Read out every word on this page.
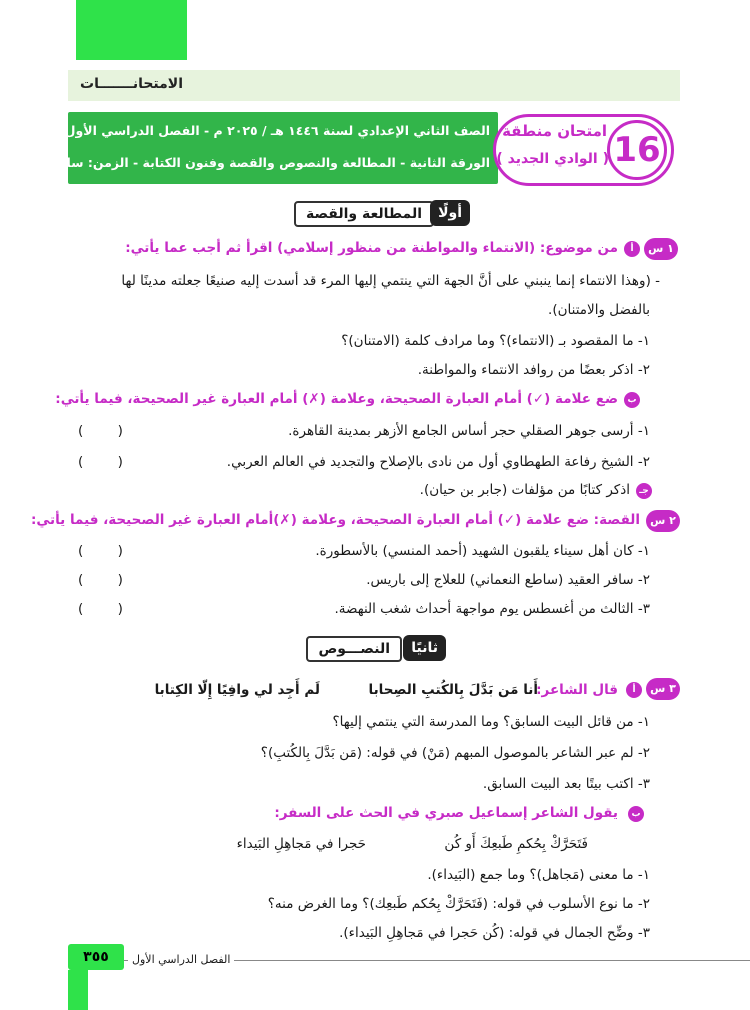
الامتحانـــــــات
الصف الثاني الإعدادي لسنة ١٤٤٦ هـ / ٢٠٢٥ م - الفصل الدراسي الأول
الورقة الثانية - المطالعة والنصوص والقصة وفنون الكتابة - الزمن: ساعتان	16
امتحان منطقة
( الوادي الجديد )
المطالعة والقصة	أولًا
١ س
أ
من موضوع: (الانتماء والمواطنة من منظور إسلامي) اقرأ ثم أجب عما يأتي:
- (وهذا الانتماء إنما ينبني على أنَّ الجهة التي ينتمي إليها المرء قد أسدت إليه صنيعًا جعلته مدينًا لها
بالفضل والامتنان).
١- ما المقصود بـ (الانتماء)؟ وما مرادف كلمة (الامتنان)؟
٢- اذكر بعضًا من روافد الانتماء والمواطنة.
ب
ضع علامة (✓) أمام العبارة الصحيحة، وعلامة (✗) أمام العبارة غير الصحيحة، فيما يأتي:
١- أرسى جوهر الصقلي حجر أساس الجامع الأزهر بمدينة القاهرة.
(        )
٢- الشيخ رفاعة الطهطاوي أول من نادى بالإصلاح والتجديد في العالم العربي.
(        )
جـ
اذكر كتابًا من مؤلفات (جابر بن حيان).
٢ س
القصة: ضع علامة (✓) أمام العبارة الصحيحة، وعلامة (✗)أمام العبارة غير الصحيحة، فيما يأتي:
١- كان أهل سيناء يلقبون الشهيد (أحمد المنسي) بالأسطورة.
(        )
٢- سافر العقيد (ساطع النعماني) للعلاج إلى باريس.
(        )
٣- الثالث من أغسطس يوم مواجهة أحداث شغب النهضة.
(        )
النصـــوص	ثانيًا
٣ س
أ
قال الشاعر:
أَنا مَن بَدَّلَ بِالكُتبِ الصِحابا
لَم أَجِد لي وافِيًا إِلّا الكِتابا
١- من قائل البيت السابق؟ وما المدرسة التي ينتمي إليها؟
٢- لم عبر الشاعر بالموصول المبهم (مَنْ) في قوله: (مَن بَدَّلَ بِالكُتبِ)؟
٣- اكتب بيتًا بعد البيت السابق.
ب
يقول الشاعر إسماعيل صبري في الحث على السفر:
فَتَحَرَّكْ بِحُكمِ طَبعِكَ أَو كُن
حَجرا في مَجاهِلِ البَيداء
١- ما معنى (مَجاهل)؟ وما جمع (البَيداء).
٢- ما نوع الأسلوب في قوله: (فَتَحَرَّكْ بِحُكم طَبعِك)؟ وما الغرض منه؟
٣- وضِّح الجمال في قوله: (كُن حَجرا في مَجاهِلِ البَيداء).
الفصل الدراسي الأول
٣٥٥
